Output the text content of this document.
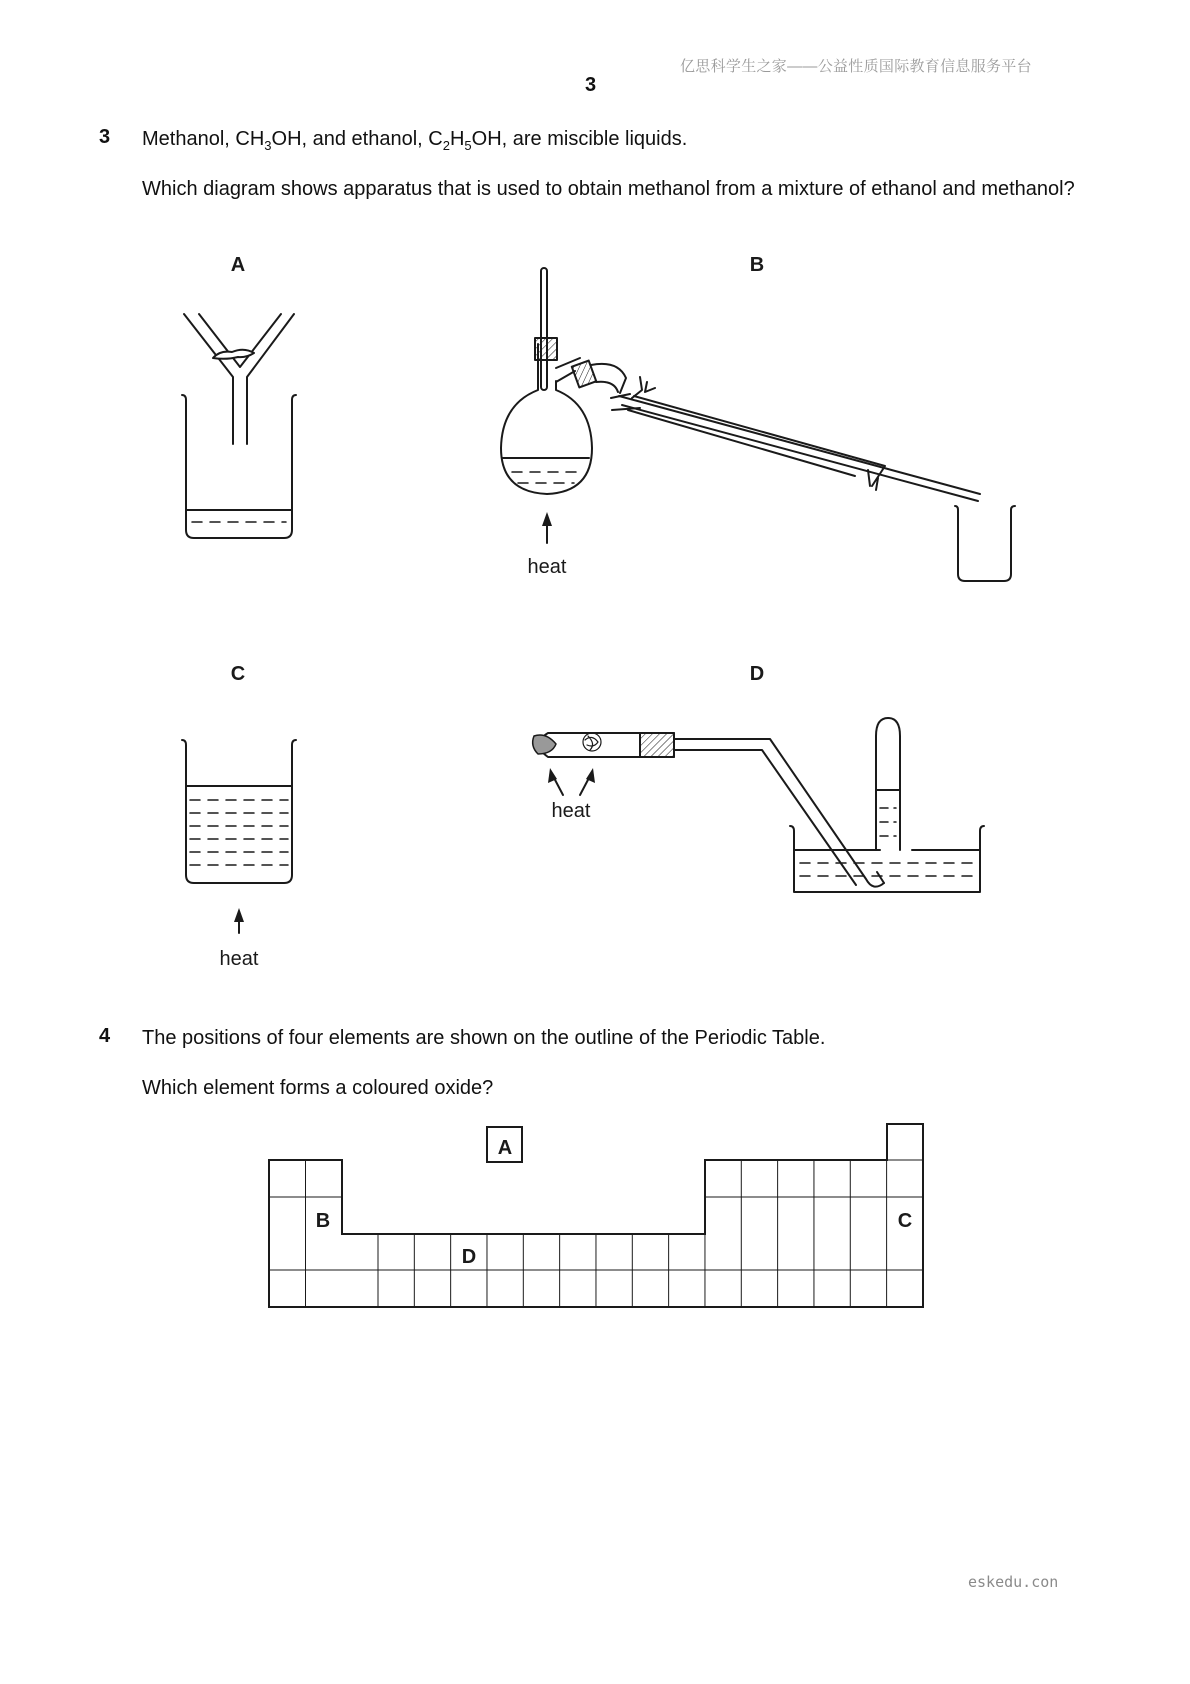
亿思科学生之家——公益性质国际教育信息服务平台
3
3 Methanol, $CH_3OH$, and ethanol, $C_2H_5OH$, are miscible liquids.
Which diagram shows apparatus that is used to obtain methanol from a mixture of ethanol and methanol?
A	B
C	D
heat
heat
heat
4 The positions of four elements are shown on the outline of the Periodic Table.
Which element forms a coloured oxide?
A
B	C
D
eskedu.con
